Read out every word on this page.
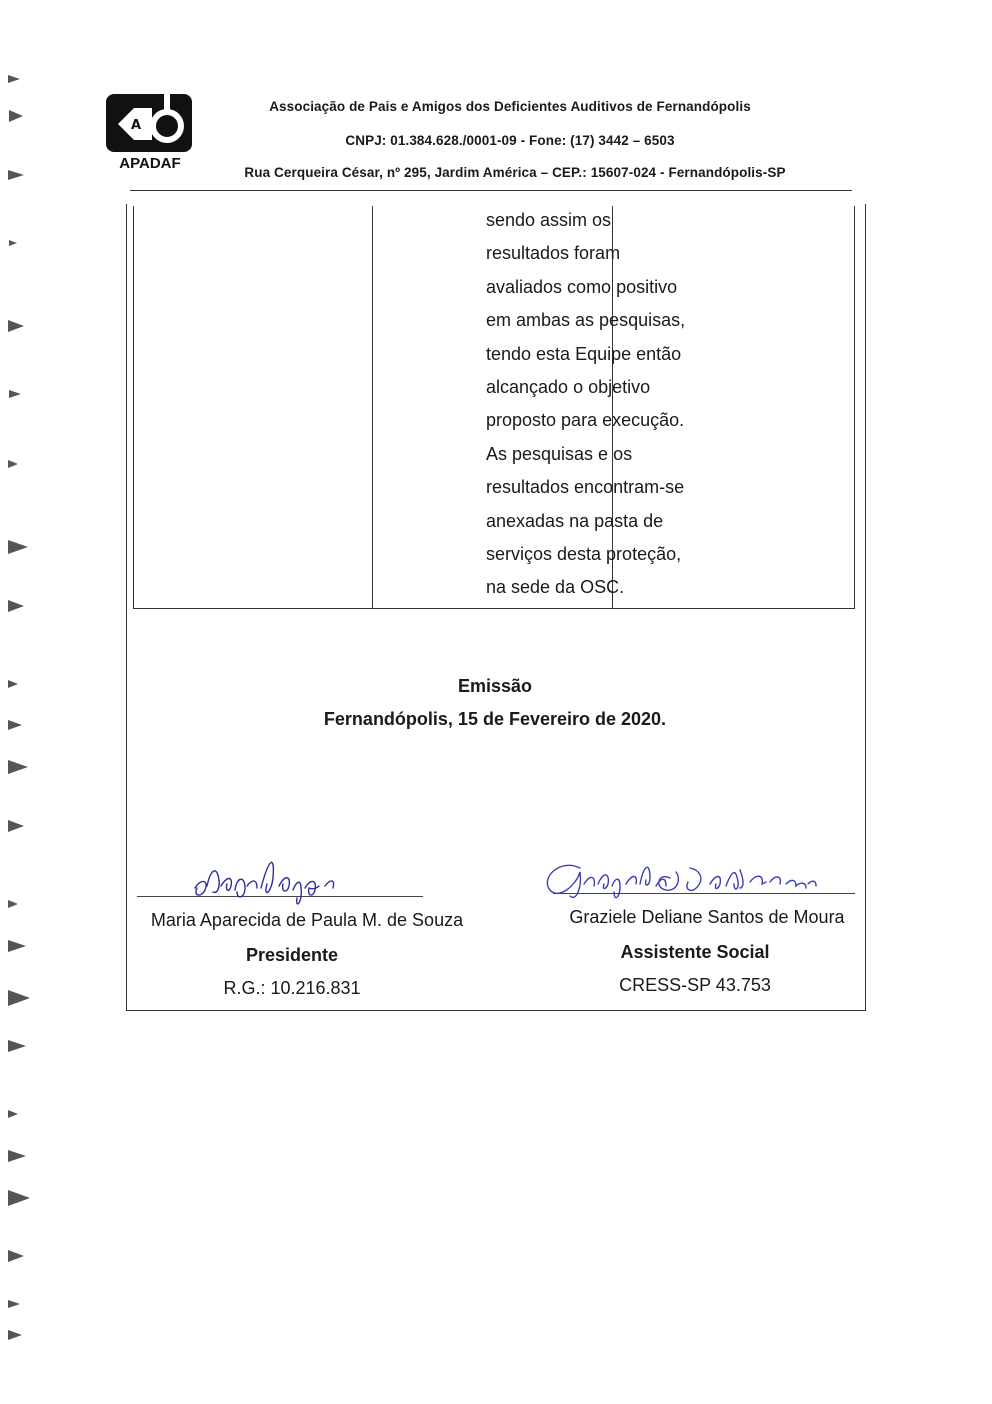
A
APADAF
Associação de Pais e Amigos dos Deficientes Auditivos de Fernandópolis
CNPJ: 01.384.628./0001-09 - Fone: (17) 3442 – 6503
Rua Cerqueira César, nº 295, Jardim América – CEP.: 15607-024 - Fernandópolis-SP
sendo assim os
resultados foram
avaliados como positivo
em ambas as pesquisas,
tendo esta Equipe então
alcançado o objetivo
proposto para execução.
As pesquisas e os
resultados encontram-se
anexadas na pasta de
serviços desta proteção,
na sede da OSC.
Emissão
Fernandópolis, 15 de Fevereiro de 2020.
Maria Aparecida de Paula M. de Souza
Presidente
R.G.: 10.216.831
Graziele Deliane Santos de Moura
Assistente Social
CRESS-SP 43.753
